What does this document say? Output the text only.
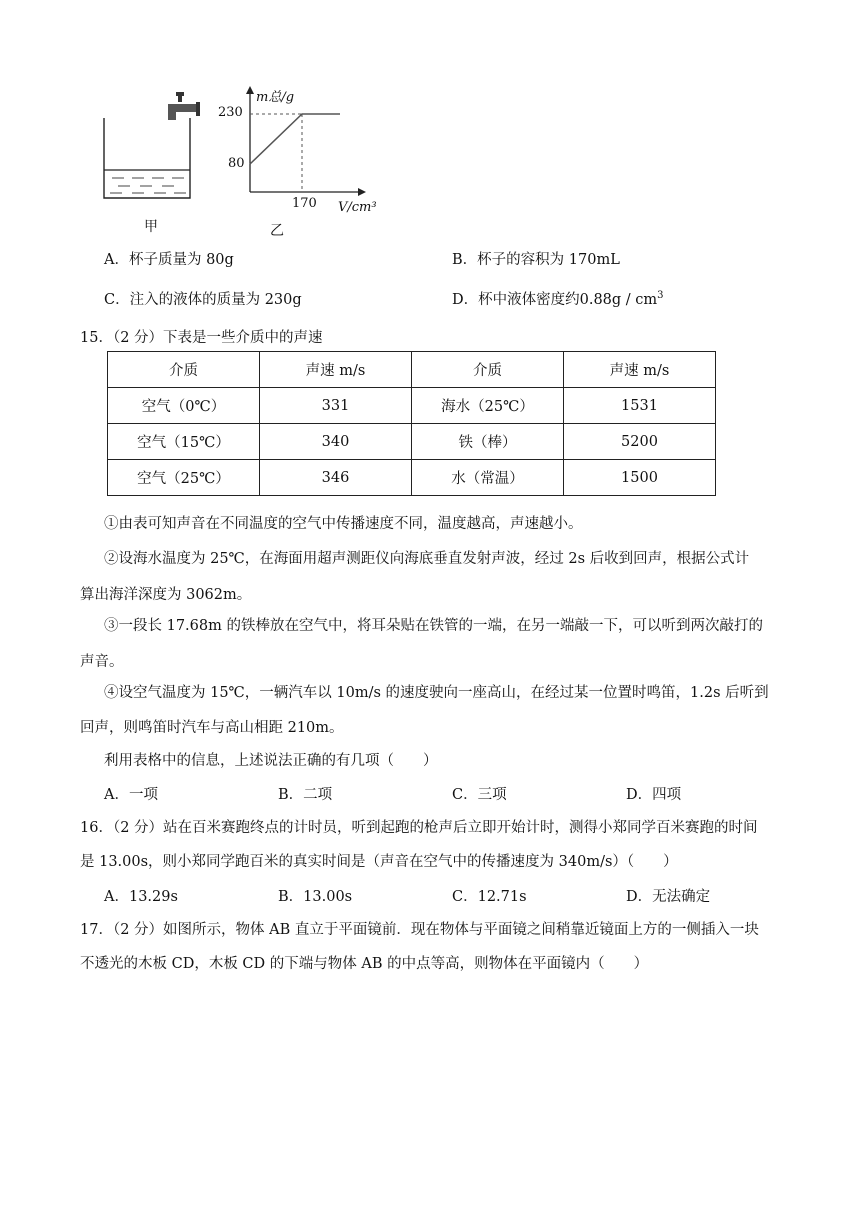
甲	乙
m总/g
V/cm³
230
80
170
A．杯子质量为 80g	B．杯子的容积为 170mL
C．注入的液体的质量为 230g	D．杯中液体密度约$0.88g / cm^3$
15．（2 分）下表是一些介质中的声速
介质	声速 m/s	介质	声速 m/s
空气（0℃）	331	海水（25℃）	1531
空气（15℃）	340	铁（棒）	5200
空气（25℃）	346	水（常温）	1500
①由表可知声音在不同温度的空气中传播速度不同，温度越高，声速越小。
②设海水温度为 25℃，在海面用超声测距仪向海底垂直发射声波，经过 2s 后收到回声，根据公式计
算出海洋深度为 3062m。
③一段长 17.68m 的铁棒放在空气中，将耳朵贴在铁管的一端，在另一端敲一下，可以听到两次敲打的
声音。
④设空气温度为 15℃，一辆汽车以 10m/s 的速度驶向一座高山，在经过某一位置时鸣笛，1.2s 后听到
回声，则鸣笛时汽车与高山相距 210m。
利用表格中的信息，上述说法正确的有几项（　　）
A．一项	B．二项	C．三项	D．四项
16．（2 分）站在百米赛跑终点的计时员，听到起跑的枪声后立即开始计时，测得小郑同学百米赛跑的时间
是 13.00s，则小郑同学跑百米的真实时间是（声音在空气中的传播速度为 340m/s）（　　）
A．13.29s	B．13.00s	C．12.71s	D．无法确定
17．（2 分）如图所示，物体 AB 直立于平面镜前．现在物体与平面镜之间稍靠近镜面上方的一侧插入一块
不透光的木板 CD，木板 CD 的下端与物体 AB 的中点等高，则物体在平面镜内（　　）
